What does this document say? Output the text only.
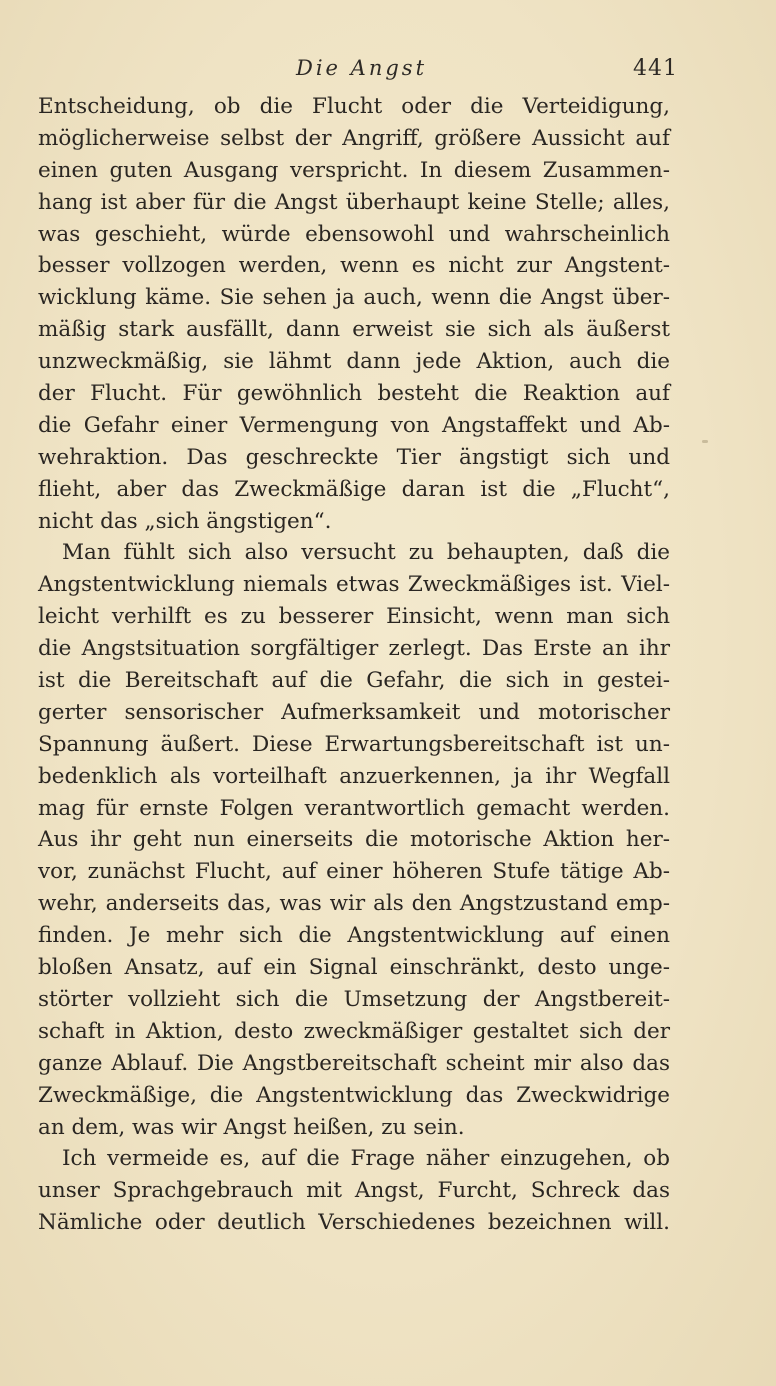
Die Angst	441
Entscheidung, ob die Flucht oder die Verteidigung,
möglicherweise selbst der Angriff, größere Aussicht auf
einen guten Ausgang verspricht. In diesem Zusammen-
hang ist aber für die Angst überhaupt keine Stelle; alles,
was geschieht, würde ebensowohl und wahrscheinlich
besser vollzogen werden, wenn es nicht zur Angstent-
wicklung käme. Sie sehen ja auch, wenn die Angst über-
mäßig stark ausfällt, dann erweist sie sich als äußerst
unzweckmäßig, sie lähmt dann jede Aktion, auch die
der Flucht. Für gewöhnlich besteht die Reaktion auf
die Gefahr einer Vermengung von Angstaffekt und Ab-
wehraktion. Das geschreckte Tier ängstigt sich und
flieht, aber das Zweckmäßige daran ist die „Flucht“,
nicht das „sich ängstigen“.
Man fühlt sich also versucht zu behaupten, daß die
Angstentwicklung niemals etwas Zweckmäßiges ist. Viel-
leicht verhilft es zu besserer Einsicht, wenn man sich
die Angstsituation sorgfältiger zerlegt. Das Erste an ihr
ist die Bereitschaft auf die Gefahr, die sich in gestei-
gerter sensorischer Aufmerksamkeit und motorischer
Spannung äußert. Diese Erwartungsbereitschaft ist un-
bedenklich als vorteilhaft anzuerkennen, ja ihr Wegfall
mag für ernste Folgen verantwortlich gemacht werden.
Aus ihr geht nun einerseits die motorische Aktion her-
vor, zunächst Flucht, auf einer höheren Stufe tätige Ab-
wehr, anderseits das, was wir als den Angstzustand emp-
finden. Je mehr sich die Angstentwicklung auf einen
bloßen Ansatz, auf ein Signal einschränkt, desto unge-
störter vollzieht sich die Umsetzung der Angstbereit-
schaft in Aktion, desto zweckmäßiger gestaltet sich der
ganze Ablauf. Die Angstbereitschaft scheint mir also das
Zweckmäßige, die Angstentwicklung das Zweckwidrige
an dem, was wir Angst heißen, zu sein.
Ich vermeide es, auf die Frage näher einzugehen, ob
unser Sprachgebrauch mit Angst, Furcht, Schreck das
Nämliche oder deutlich Verschiedenes bezeichnen will.
